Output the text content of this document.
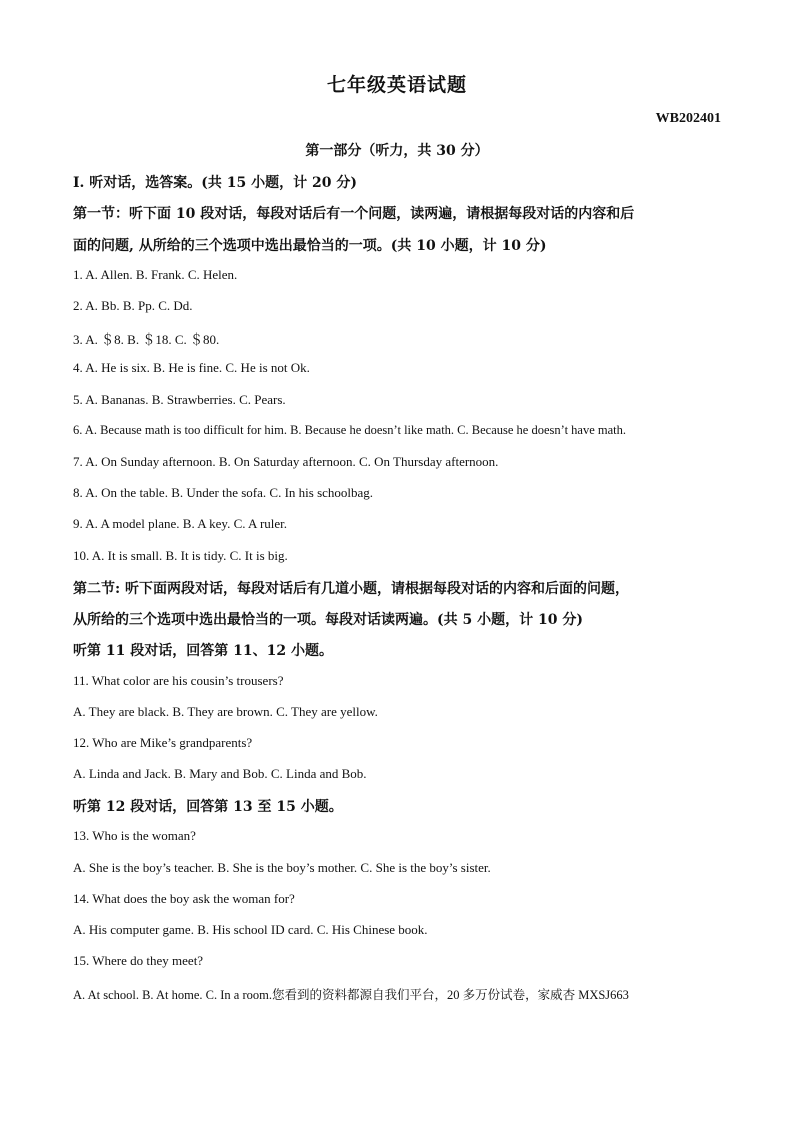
七年级英语试题
WB202401
第一部分（听力，共 30 分）
I. 听对话，选答案。(共 15 小题，计 20 分)
第一节：听下面 10 段对话，每段对话后有一个问题，读两遍，请根据每段对话的内容和后
面的问题, 从所给的三个选项中选出最恰当的一项。(共 10 小题，计 10 分)
1. A. Allen. B. Frank. C. Helen.
2. A. Bb. B. Pp. C. Dd.
3. A. ＄8. B. ＄18. C. ＄80.
4. A. He is six. B. He is fine. C. He is not Ok.
5. A. Bananas. B. Strawberries. C. Pears.
6. A. Because math is too difficult for him. B. Because he doesn’t like math. C. Because he doesn’t have math.
7. A. On Sunday afternoon. B. On Saturday afternoon. C. On Thursday afternoon.
8. A. On the table. B. Under the sofa. C. In his schoolbag.
9. A. A model plane. B. A key. C. A ruler.
10. A. It is small. B. It is tidy. C. It is big.
第二节: 听下面两段对话，每段对话后有几道小题，请根据每段对话的内容和后面的问题，
从所给的三个选项中选出最恰当的一项。每段对话读两遍。(共 5 小题，计 10 分)
听第 11 段对话，回答第 11、12 小题。
11. What color are his cousin’s trousers?
A. They are black. B. They are brown. C. They are yellow.
12. Who are Mike’s grandparents?
A. Linda and Jack. B. Mary and Bob. C. Linda and Bob.
听第 12 段对话，回答第 13 至 15 小题。
13. Who is the woman?
A. She is the boy’s teacher. B. She is the boy’s mother. C. She is the boy’s sister.
14. What does the boy ask the woman for?
A. His computer game. B. His school ID card. C. His Chinese book.
15. Where do they meet?
A. At school. B. At home. C. In a room.您看到的资料都源自我们平台，20 多万份试卷，家威杏 MXSJ663
